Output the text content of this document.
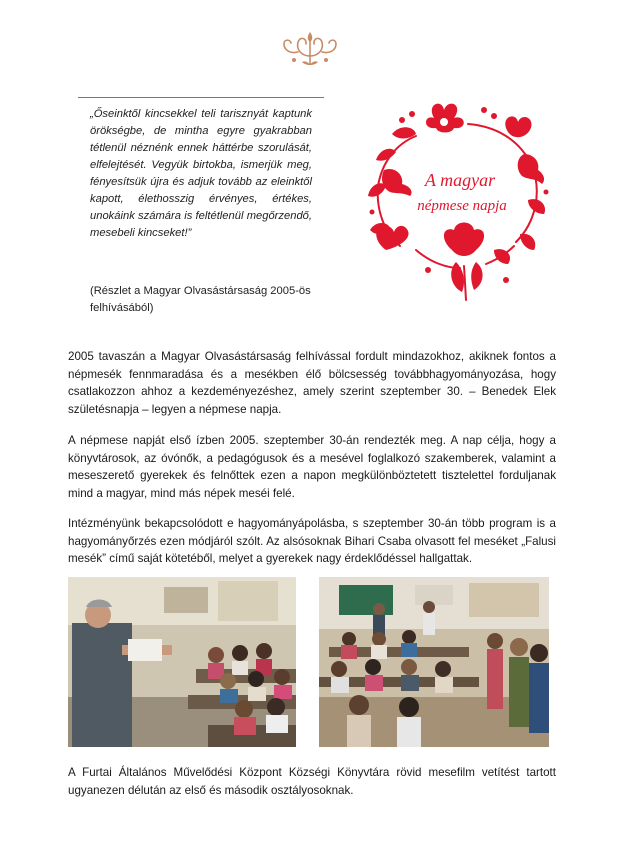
„Őseinktől kincsekkel teli tarisznyát kaptunk örökségbe, de mintha egyre gyakrabban tétlenül néznénk ennek háttérbe szorulását, elfelejtését. Vegyük birtokba, ismerjük meg, fényesítsük újra és adjuk tovább az eleinktől kapott, élethosszig érvényes, értékes, unokáink számára is feltétlenül megőrzendő, mesebeli kincseket!”
(Részlet a Magyar Olvasástársaság 2005-ös felhívásából)
A magyar
népmese napja

2005 tavaszán a Magyar Olvasástársaság felhívással fordult mindazokhoz, akiknek fontos a népmesék fennmaradása és a mesékben élő bölcsesség továbbhagyományozása, hogy csatlakozzon ahhoz a kezdeményezéshez, amely szerint szeptember 30. – Benedek Elek születésnapja – legyen a népmese napja.

A népmese napját első ízben 2005. szeptember 30-án rendezték meg. A nap célja, hogy a könyvtárosok, az óvónők, a pedagógusok és a mesével foglalkozó szakemberek, valamint a meseszerető gyerekek és felnőttek ezen a napon megkülönböztetett tisztelettel forduljanak mind a magyar, mind más népek meséi felé.

Intézményünk bekapcsolódott e hagyományápolásba, s szeptember 30-án több program is a hagyományőrzés ezen módjáról szólt. Az alsósoknak Bihari Csaba olvasott fel meséket „Falusi mesék” című saját kötetéből, melyet a gyerekek nagy érdeklődéssel hallgattak.

A Furtai Általános Művelődési Központ Községi Könyvtára rövid mesefilm vetítést tartott ugyanezen délután az első és második osztályosoknak.
